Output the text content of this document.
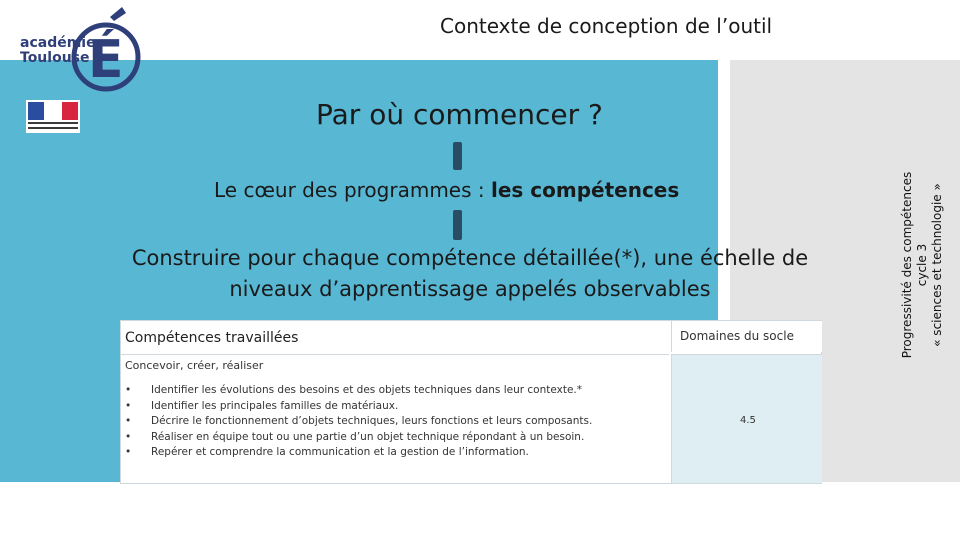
Contexte de conception de l’outil
É
académie
Toulouse
Par où commencer ?
Le cœur des programmes : les compétences
Construire pour chaque compétence détaillée(*), une échelle de niveaux d’apprentissage appelés observables
Compétences travaillées	Domaines du socle
Concevoir, créer, réaliser
• Identifier les évolutions des besoins et des objets techniques dans leur contexte.*
• Identifier les principales familles de matériaux.
• Décrire le fonctionnement d’objets techniques, leurs fonctions et leurs composants.
• Réaliser en équipe tout ou une partie d’un objet technique répondant à un besoin.
• Repérer et comprendre la communication et la gestion de l’information.
4.5
Progressivité des compétences cycle 3 « sciences et technologie »
